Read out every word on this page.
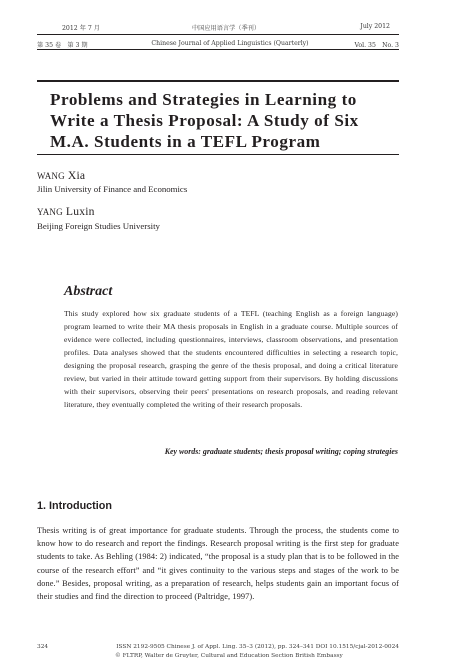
2012 年 7 月	中国应用语言学（季刊）	July 2012
第 35 卷　第 3 期	Chinese Journal of Applied Linguistics (Quarterly)	Vol. 35　No. 3
Problems and Strategies in Learning to Write a Thesis Proposal: A Study of Six M.A. Students in a TEFL Program
WANG Xia
Jilin University of Finance and Economics
YANG Luxin
Beijing Foreign Studies University
Abstract

This study explored how six graduate students of a TEFL (teaching English as a foreign language) program learned to write their MA thesis proposals in English in a graduate course. Multiple sources of evidence were collected, including questionnaires, interviews, classroom observations, and presentation profiles. Data analyses showed that the students encountered difficulties in selecting a research topic, designing the proposal research, grasping the genre of the thesis proposal, and doing a critical literature review, but varied in their attitude toward getting support from their supervisors. By holding discussions with their supervisors, observing their peers' presentations on research proposals, and reading relevant literature, they eventually completed the writing of their research proposals.

Key words: graduate students; thesis proposal writing; coping strategies
1. Introduction

Thesis writing is of great importance for graduate students. Through the process, the students come to know how to do research and report the findings. Research proposal writing is the first step for graduate students to take. As Behling (1984: 2) indicated, “the proposal is a study plan that is to be followed in the course of the research effort” and “it gives continuity to the various steps and stages of the work to be done.” Besides, proposal writing, as a preparation of research, helps students gain an important focus of their studies and find the direction to proceed (Paltridge, 1997).

324	ISSN 2192-9505 Chinese J. of Appl. Ling. 35–3 (2012), pp. 324–341 DOI 10.1515/cjal-2012-0024
© FLTRP, Walter de Gruyter, Cultural and Education Section British Embassy
